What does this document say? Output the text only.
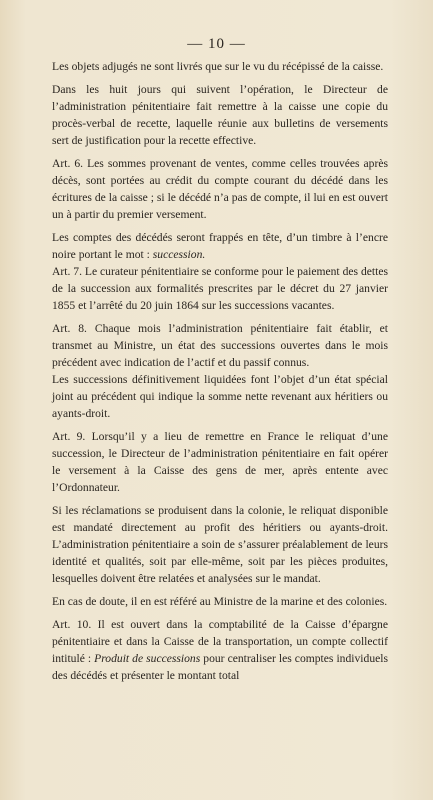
— 10 —

Les objets adjugés ne sont livrés que sur le vu du récépissé de la caisse.

Dans les huit jours qui suivent l’opération, le Directeur de l’administration pénitentiaire fait remettre à la caisse une copie du procès-verbal de recette, laquelle réunie aux bulletins de versements sert de justification pour la recette effective.

Art. 6. Les sommes provenant de ventes, comme celles trouvées après décès, sont portées au crédit du compte courant du décédé dans les écritures de la caisse ; si le décédé n’a pas de compte, il lui en est ouvert un à partir du premier versement.

Les comptes des décédés seront frappés en tête, d’un timbre à l’encre noire portant le mot : succession.

Art. 7. Le curateur pénitentiaire se conforme pour le paiement des dettes de la succession aux formalités prescrites par le décret du 27 janvier 1855 et l’arrêté du 20 juin 1864 sur les successions vacantes.

Art. 8. Chaque mois l’administration pénitentiaire fait établir, et transmet au Ministre, un état des successions ouvertes dans le mois précédent avec indication de l’actif et du passif connus.

Les successions définitivement liquidées font l’objet d’un état spécial joint au précédent qui indique la somme nette revenant aux héritiers ou ayants-droit.

Art. 9. Lorsqu’il y a lieu de remettre en France le reliquat d’une succession, le Directeur de l’administration pénitentiaire en fait opérer le versement à la Caisse des gens de mer, après entente avec l’Ordonnateur.

Si les réclamations se produisent dans la colonie, le reliquat disponible est mandaté directement au profit des héritiers ou ayants-droit. L’administration pénitentiaire a soin de s’assurer préalablement de leurs identité et qualités, soit par elle-même, soit par les pièces produites, lesquelles doivent être relatées et analysées sur le mandat.

En cas de doute, il en est référé au Ministre de la marine et des colonies.

Art. 10. Il est ouvert dans la comptabilité de la Caisse d’épargne pénitentiaire et dans la Caisse de la transportation, un compte collectif intitulé : Produit de successions pour centraliser les comptes individuels des décédés et présenter le montant total
